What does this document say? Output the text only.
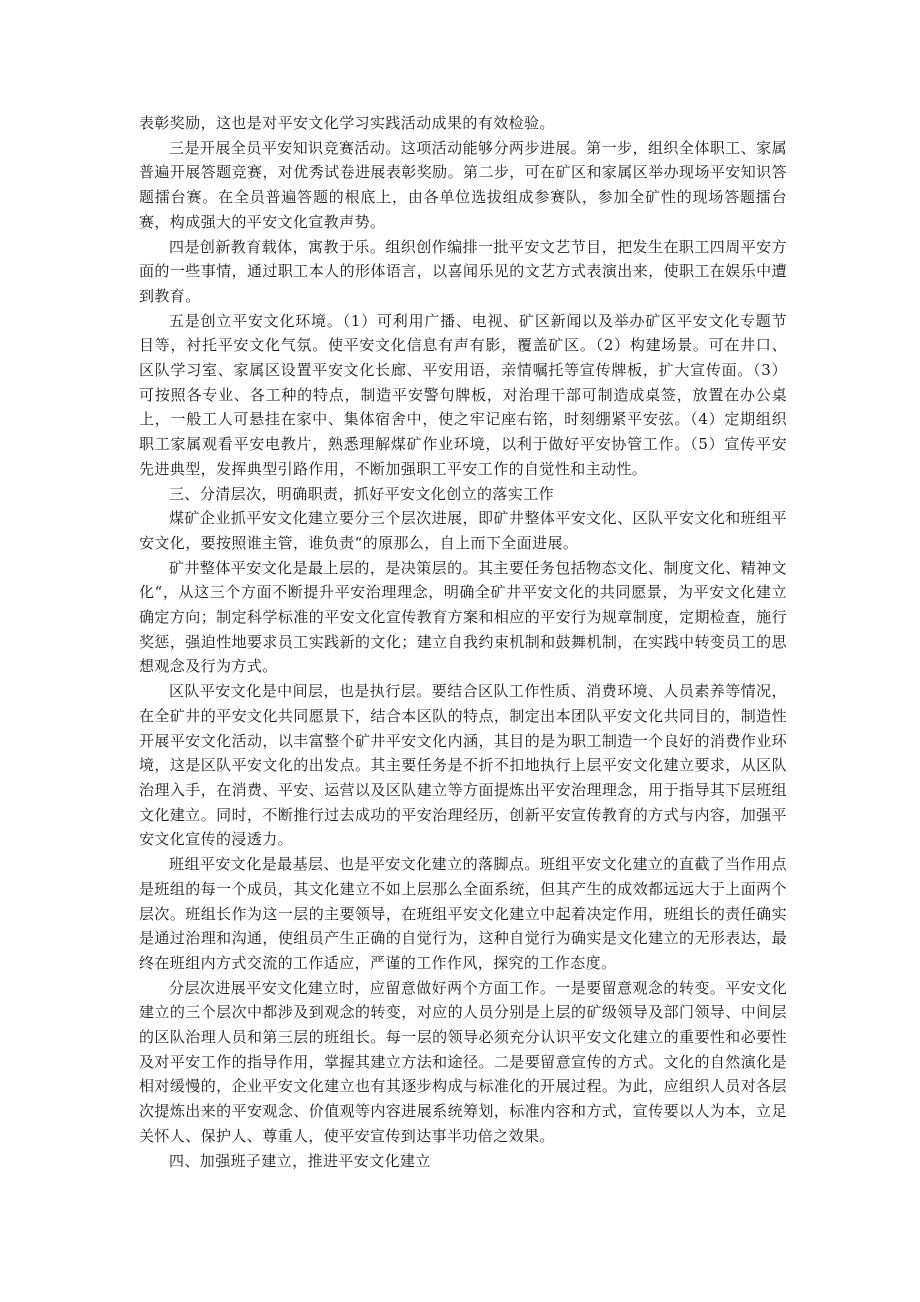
表彰奖励，这也是对平安文化学习实践活动成果的有效检验。

三是开展全员平安知识竞赛活动。这项活动能够分两步进展。第一步，组织全体职工、家属普遍开展答题竞赛，对优秀试卷进展表彰奖励。第二步，可在矿区和家属区举办现场平安知识答题擂台赛。在全员普遍答题的根底上，由各单位选拔组成参赛队，参加全矿性的现场答题擂台赛，构成强大的平安文化宣教声势。

四是创新教育载体，寓教于乐。组织创作编排一批平安文艺节目，把发生在职工四周平安方面的一些事情，通过职工本人的形体语言，以喜闻乐见的文艺方式表演出来，使职工在娱乐中遭到教育。

五是创立平安文化环境。（1）可利用广播、电视、矿区新闻以及举办矿区平安文化专题节目等，衬托平安文化气氛。使平安文化信息有声有影，覆盖矿区。（2）构建场景。可在井口、区队学习室、家属区设置平安文化长廊、平安用语，亲情嘱托等宣传牌板，扩大宣传面。（3）可按照各专业、各工种的特点，制造平安警句牌板，对治理干部可制造成桌签，放置在办公桌上，一般工人可悬挂在家中、集体宿舍中，使之牢记座右铭，时刻绷紧平安弦。（4）定期组织职工家属观看平安电教片，熟悉理解煤矿作业环境，以利于做好平安协管工作。（5）宣传平安先进典型，发挥典型引路作用，不断加强职工平安工作的自觉性和主动性。

三、分清层次，明确职责，抓好平安文化创立的落实工作

煤矿企业抓平安文化建立要分三个层次进展，即矿井整体平安文化、区队平安文化和班组平安文化，要按照谁主管，谁负责“的原那么，自上而下全面进展。

矿井整体平安文化是最上层的，是决策层的。其主要任务包括物态文化、制度文化、精神文化“，从这三个方面不断提升平安治理理念，明确全矿井平安文化的共同愿景，为平安文化建立确定方向；制定科学标准的平安文化宣传教育方案和相应的平安行为规章制度，定期检查，施行奖惩，强迫性地要求员工实践新的文化；建立自我约束机制和鼓舞机制，在实践中转变员工的思想观念及行为方式。

区队平安文化是中间层，也是执行层。要结合区队工作性质、消费环境、人员素养等情况，在全矿井的平安文化共同愿景下，结合本区队的特点，制定出本团队平安文化共同目的，制造性开展平安文化活动，以丰富整个矿井平安文化内涵，其目的是为职工制造一个良好的消费作业环境，这是区队平安文化的出发点。其主要任务是不折不扣地执行上层平安文化建立要求，从区队治理入手，在消费、平安、运营以及区队建立等方面提炼出平安治理理念，用于指导其下层班组文化建立。同时，不断推行过去成功的平安治理经历，创新平安宣传教育的方式与内容，加强平安文化宣传的浸透力。

班组平安文化是最基层、也是平安文化建立的落脚点。班组平安文化建立的直截了当作用点是班组的每一个成员，其文化建立不如上层那么全面系统，但其产生的成效都远远大于上面两个层次。班组长作为这一层的主要领导，在班组平安文化建立中起着决定作用，班组长的责任确实是通过治理和沟通，使组员产生正确的自觉行为，这种自觉行为确实是文化建立的无形表达，最终在班组内方式交流的工作适应，严谨的工作作风，探究的工作态度。

分层次进展平安文化建立时，应留意做好两个方面工作。一是要留意观念的转变。平安文化建立的三个层次中都涉及到观念的转变，对应的人员分别是上层的矿级领导及部门领导、中间层的区队治理人员和第三层的班组长。每一层的领导必须充分认识平安文化建立的重要性和必要性及对平安工作的指导作用，掌握其建立方法和途径。二是要留意宣传的方式。文化的自然演化是相对缓慢的，企业平安文化建立也有其逐步构成与标准化的开展过程。为此，应组织人员对各层次提炼出来的平安观念、价值观等内容进展系统筹划，标准内容和方式，宣传要以人为本，立足关怀人、保护人、尊重人，使平安宣传到达事半功倍之效果。

四、加强班子建立，推进平安文化建立
